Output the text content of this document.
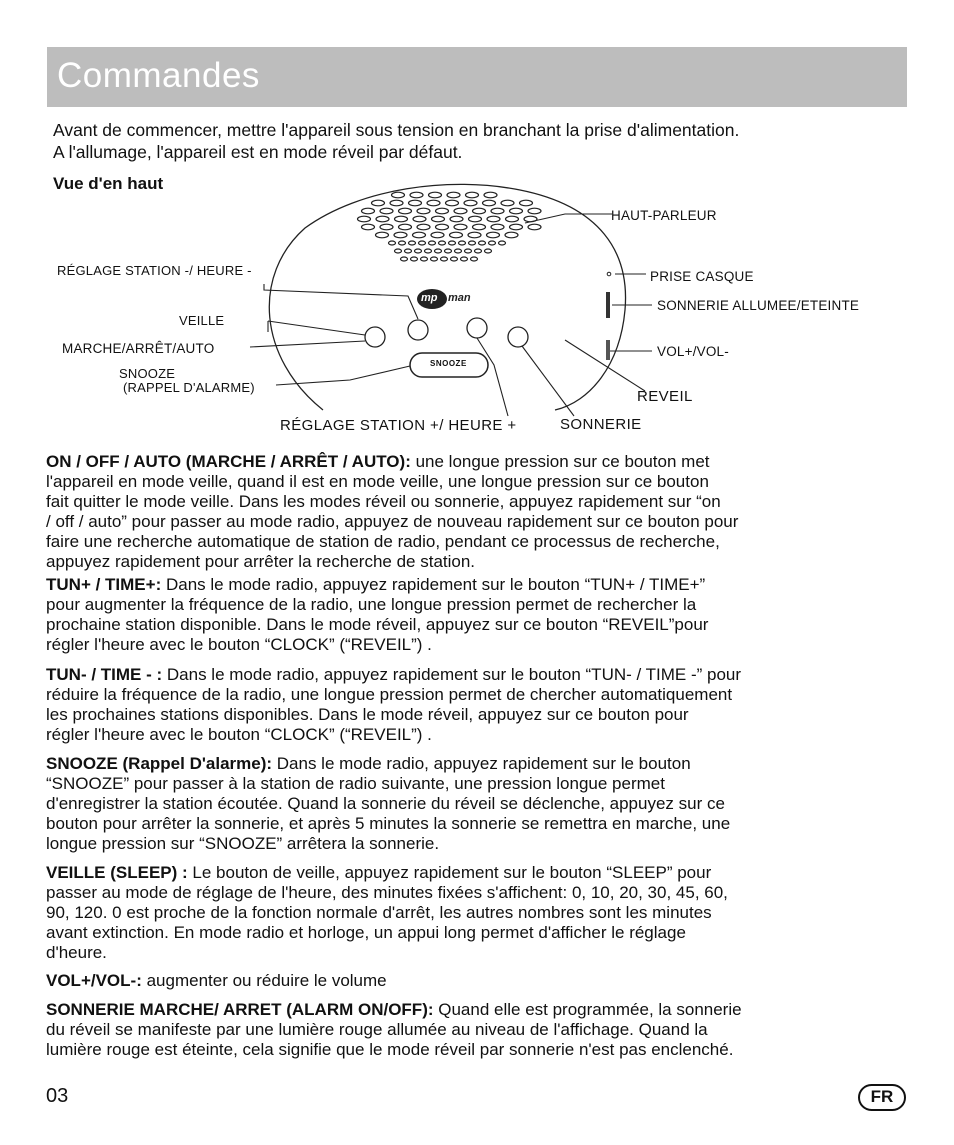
Commandes

Avant de commencer, mettre l'appareil sous tension en branchant la prise d'alimentation.
A l'allumage, l'appareil est en mode réveil par défaut.

Vue d'en haut
HAUT-PARLEUR
RÉGLAGE STATION -/ HEURE -	PRISE CASQUE
SONNERIE ALLUMEE/ETEINTE
VEILLE
MARCHE/ARRÊT/AUTO	VOL+/VOL-
SNOOZE
(RAPPEL D'ALARME)
REVEIL
RÉGLAGE STATION +/ HEURE +	SONNERIE
mp man
SNOOZE

ON / OFF / AUTO (MARCHE / ARRÊT / AUTO): une longue pression sur ce bouton met
l'appareil en mode veille, quand il est en mode veille, une longue pression sur ce bouton
fait quitter le mode veille. Dans les modes réveil ou sonnerie, appuyez rapidement sur “on
/ off / auto” pour passer au mode radio, appuyez de nouveau rapidement sur ce bouton pour
faire une recherche automatique de station de radio, pendant ce processus de recherche,
appuyez rapidement pour arrêter la recherche de station.

TUN+ / TIME+: Dans le mode radio, appuyez rapidement sur le bouton “TUN+ / TIME+”
pour augmenter la fréquence de la radio, une longue pression permet de rechercher la
prochaine station disponible. Dans le mode réveil, appuyez sur ce bouton “REVEIL”pour
régler l'heure avec le bouton “CLOCK” (“REVEIL”) .

TUN- / TIME - : Dans le mode radio, appuyez rapidement sur le bouton “TUN- / TIME -” pour
réduire la fréquence de la radio, une longue pression permet de chercher automatiquement
les prochaines stations disponibles. Dans le mode réveil, appuyez sur ce bouton pour
régler l'heure avec le bouton “CLOCK” (“REVEIL”) .

SNOOZE (Rappel D'alarme): Dans le mode radio, appuyez rapidement sur le bouton
“SNOOZE” pour passer à la station de radio suivante, une pression longue permet
d'enregistrer la station écoutée. Quand la sonnerie du réveil se déclenche, appuyez sur ce
bouton pour arrêter la sonnerie, et après 5 minutes la sonnerie se remettra en marche, une
longue pression sur “SNOOZE” arrêtera la sonnerie.

VEILLE (SLEEP) : Le bouton de veille, appuyez rapidement sur le bouton “SLEEP” pour
passer au mode de réglage de l'heure, des minutes fixées s'affichent: 0, 10, 20, 30, 45, 60,
90, 120. 0 est proche de la fonction normale d'arrêt, les autres nombres sont les minutes
avant extinction. En mode radio et horloge, un appui long permet d'afficher le réglage
d'heure.

VOL+/VOL-: augmenter ou réduire le volume

SONNERIE MARCHE/ ARRET (ALARM ON/OFF): Quand elle est programmée, la sonnerie
du réveil se manifeste par une lumière rouge allumée au niveau de l'affichage. Quand la
lumière rouge est éteinte, cela signifie que le mode réveil par sonnerie n'est pas enclenché.

03	FR
